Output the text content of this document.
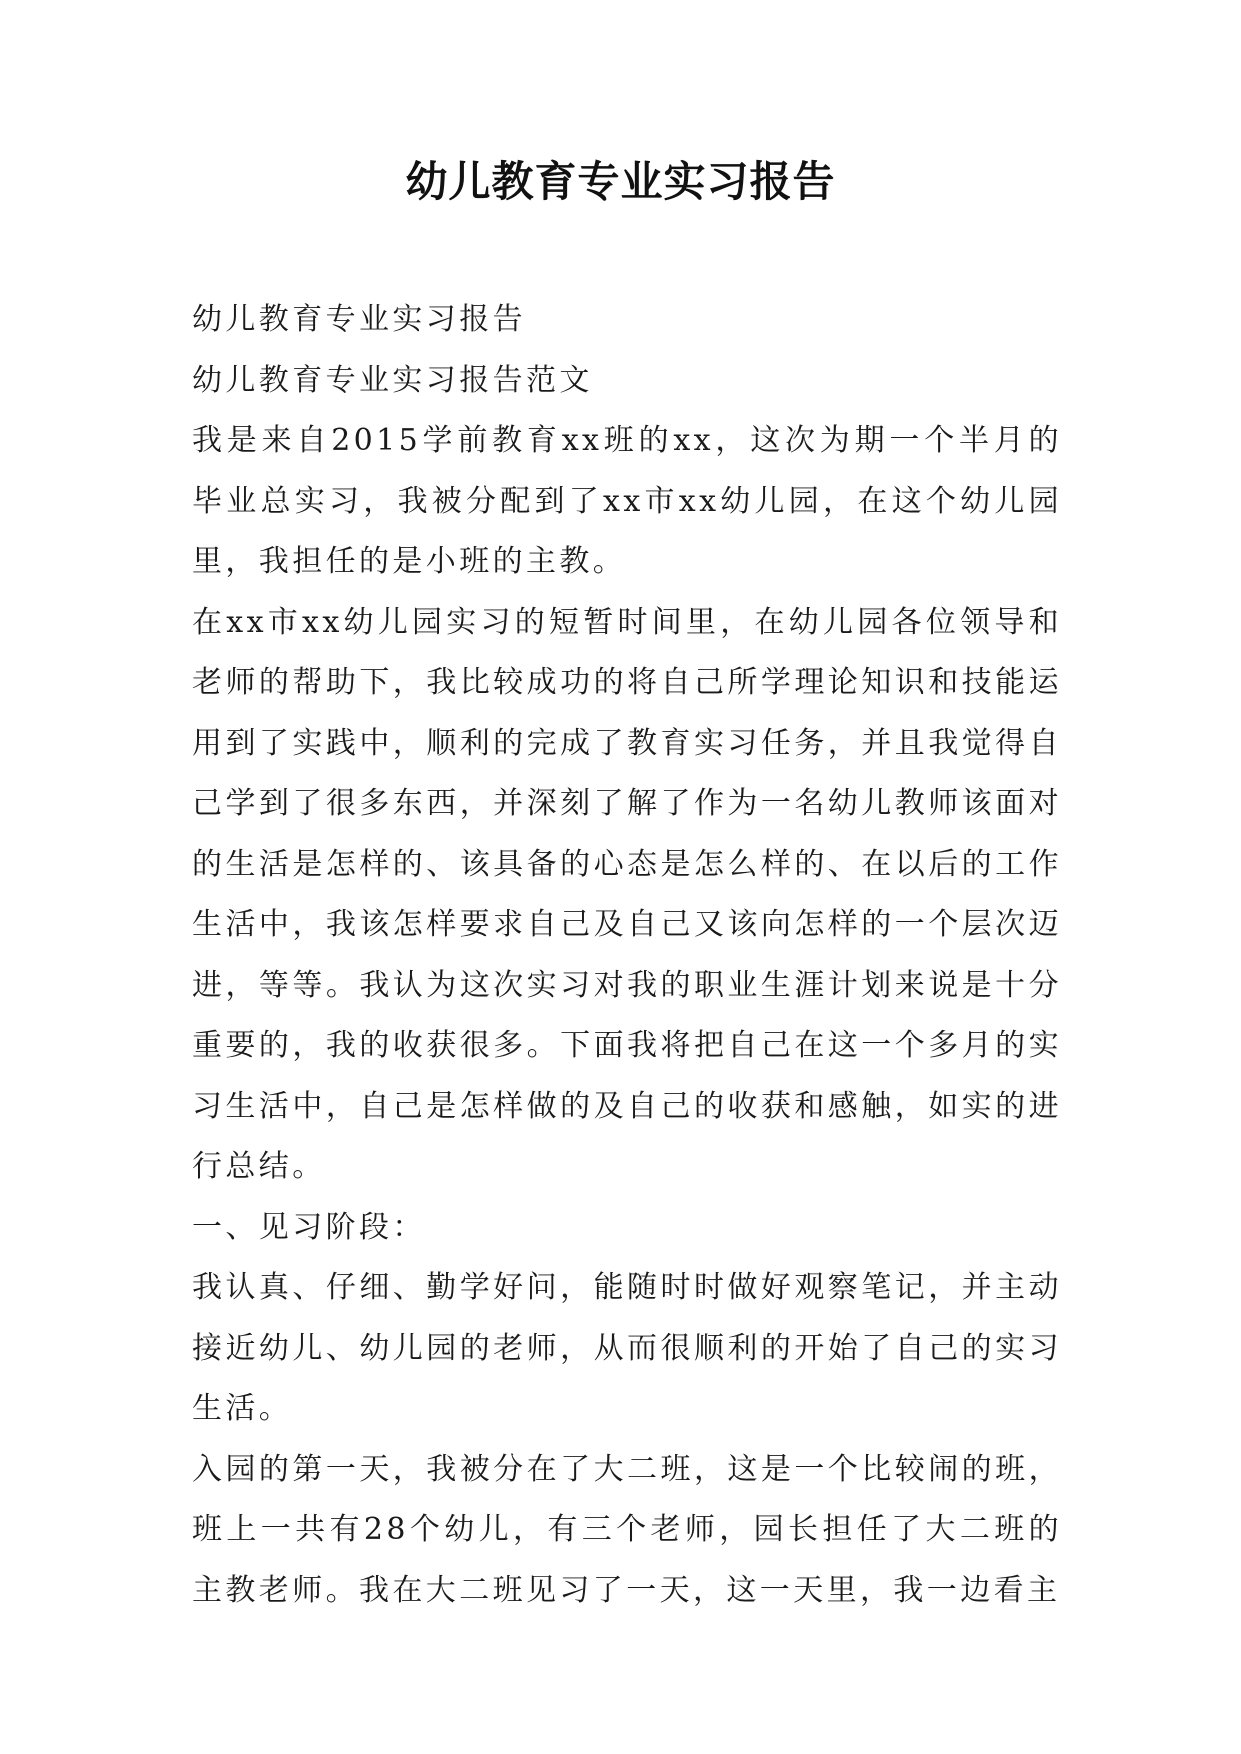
幼儿教育专业实习报告

幼儿教育专业实习报告

幼儿教育专业实习报告范文

我是来自2015学前教育xx班的xx，这次为期一个半月的毕业总实习，我被分配到了xx市xx幼儿园，在这个幼儿园里，我担任的是小班的主教。

在xx市xx幼儿园实习的短暂时间里，在幼儿园各位领导和老师的帮助下，我比较成功的将自己所学理论知识和技能运用到了实践中，顺利的完成了教育实习任务，并且我觉得自己学到了很多东西，并深刻了解了作为一名幼儿教师该面对的生活是怎样的、该具备的心态是怎么样的、在以后的工作生活中，我该怎样要求自己及自己又该向怎样的一个层次迈进，等等。我认为这次实习对我的职业生涯计划来说是十分重要的，我的收获很多。下面我将把自己在这一个多月的实习生活中，自己是怎样做的及自己的收获和感触，如实的进行总结。

一、见习阶段：

我认真、仔细、勤学好问，能随时时做好观察笔记，并主动接近幼儿、幼儿园的老师，从而很顺利的开始了自己的实习生活。

入园的第一天，我被分在了大二班，这是一个比较闹的班，班上一共有28个幼儿，有三个老师，园长担任了大二班的主教老师。我在大二班见习了一天，这一天里，我一边看主
